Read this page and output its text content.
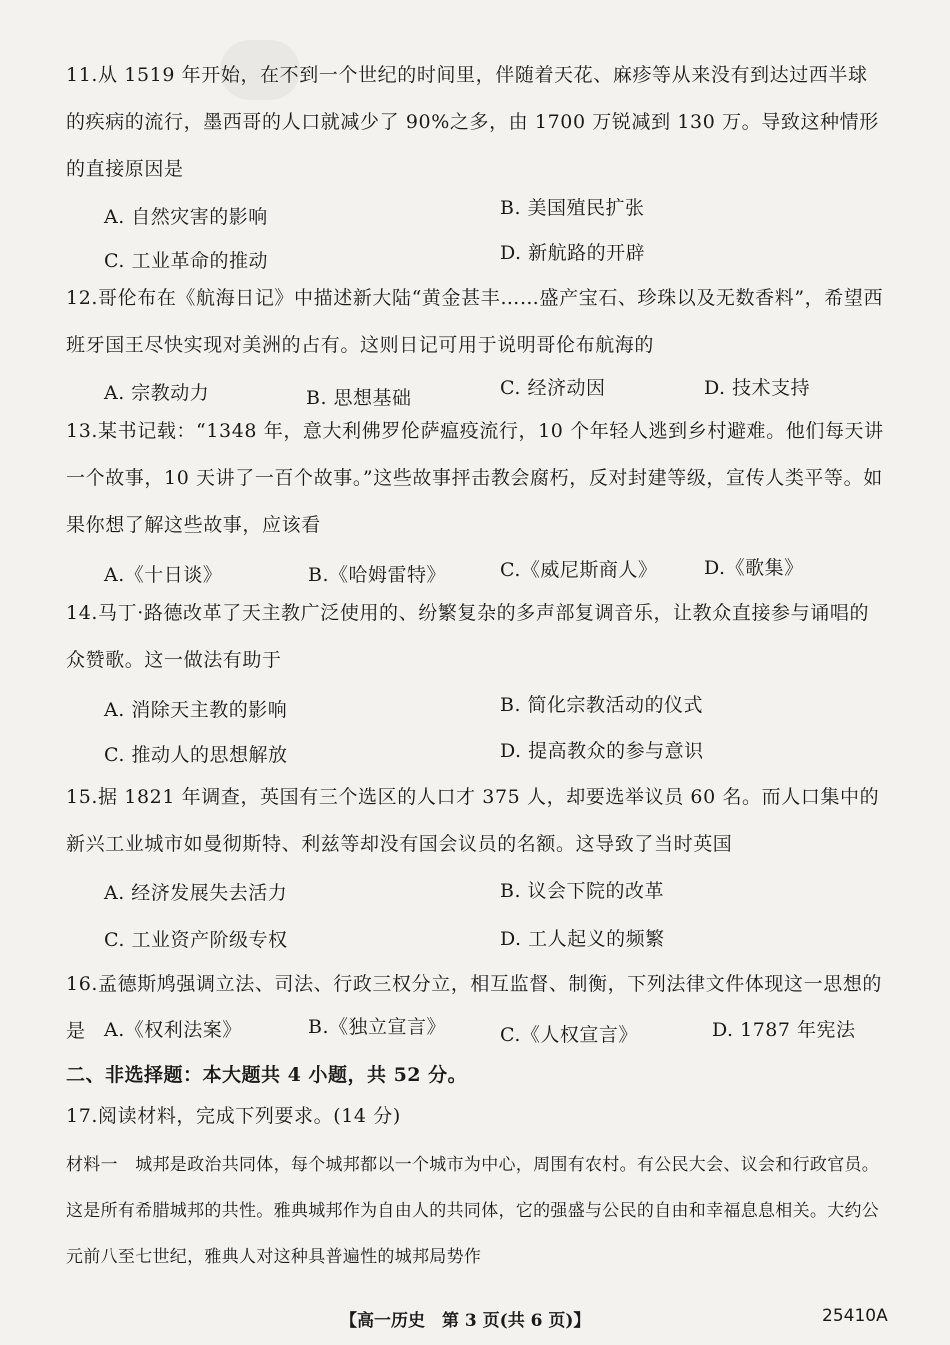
11.从 1519 年开始，在不到一个世纪的时间里，伴随着天花、麻疹等从来没有到达过西半球的疾病的流行，墨西哥的人口就减少了 90%之多，由 1700 万锐减到 130 万。导致这种情形的直接原因是

A. 自然灾害的影响	B. 美国殖民扩张
C. 工业革命的推动	D. 新航路的开辟

12.哥伦布在《航海日记》中描述新大陆“黄金甚丰……盛产宝石、珍珠以及无数香料”，希望西班牙国王尽快实现对美洲的占有。这则日记可用于说明哥伦布航海的

A. 宗教动力	B. 思想基础	C. 经济动因	D. 技术支持

13.某书记载：“1348 年，意大利佛罗伦萨瘟疫流行，10 个年轻人逃到乡村避难。他们每天讲一个故事，10 天讲了一百个故事。”这些故事抨击教会腐朽，反对封建等级，宣传人类平等。如果你想了解这些故事，应该看

A.《十日谈》	B.《哈姆雷特》	C.《威尼斯商人》 D.《歌集》

14.马丁·路德改革了天主教广泛使用的、纷繁复杂的多声部复调音乐，让教众直接参与诵唱的众赞歌。这一做法有助于

A. 消除天主教的影响	B. 简化宗教活动的仪式
C. 推动人的思想解放	D. 提高教众的参与意识

15.据 1821 年调查，英国有三个选区的人口才 375 人，却要选举议员 60 名。而人口集中的新兴工业城市如曼彻斯特、利兹等却没有国会议员的名额。这导致了当时英国

A. 经济发展失去活力	B. 议会下院的改革
C. 工业资产阶级专权	D. 工人起义的频繁

16.孟德斯鸠强调立法、司法、行政三权分立，相互监督、制衡，下列法律文件体现这一思想的是 A.《权利法案》	B.《独立宣言》	C.《人权宣言》	D. 1787 年宪法
二、非选择题：本大题共 4 小题，共 52 分。

17.阅读材料，完成下列要求。(14 分)

材料一　城邦是政治共同体，每个城邦都以一个城市为中心，周围有农村。有公民大会、议会和行政官员。这是所有希腊城邦的共性。雅典城邦作为自由人的共同体，它的强盛与公民的自由和幸福息息相关。大约公元前八至七世纪，雅典人对这种具普遍性的城邦局势作

【高一历史　第 3 页(共 6 页)】	25410A
